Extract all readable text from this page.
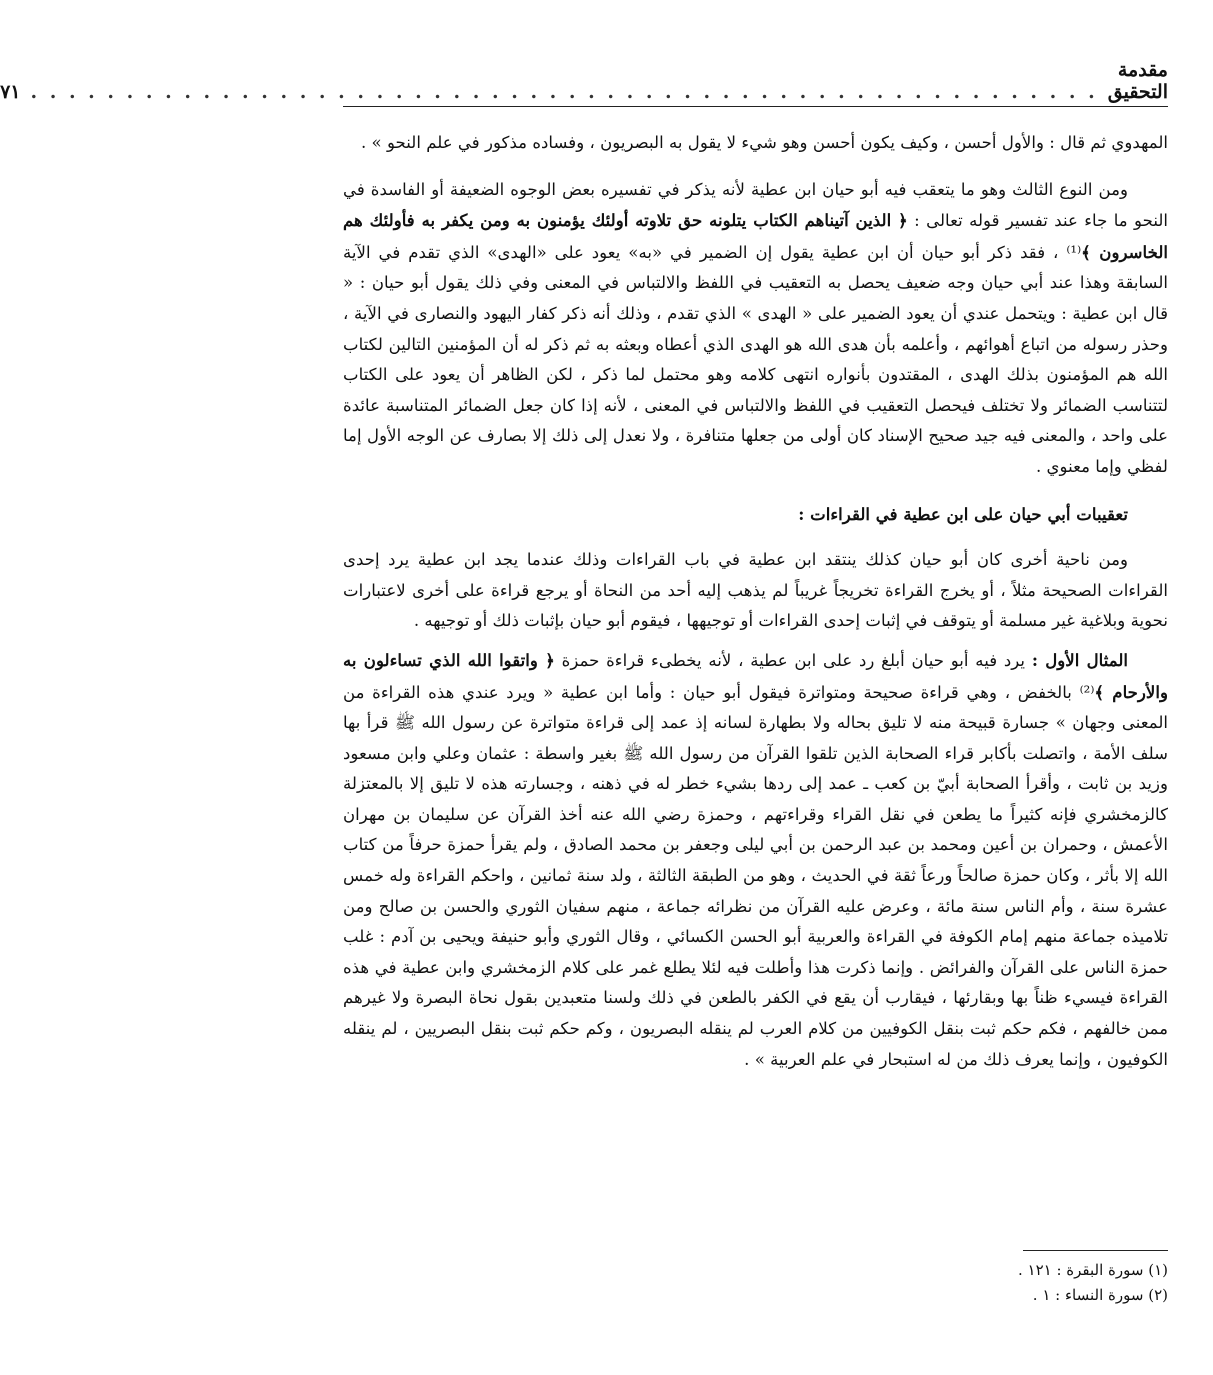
مقدمة التحقيق
. . . . . . . . . . . . . . . . . . . . . . . . . . . . . . . . . . . . . . . . . . . . . . . . . . . . . . . .
٧١

المهدوي ثم قال : والأول أحسن ، وكيف يكون أحسن وهو شيء لا يقول به البصريون ، وفساده مذكور في علم النحو » .

ومن النوع الثالث وهو ما يتعقب فيه أبو حيان ابن عطية لأنه يذكر في تفسيره بعض الوجوه الضعيفة أو الفاسدة في النحو ما جاء عند تفسير قوله تعالى : ﴿ الذين آتيناهم الكتاب يتلونه حق تلاوته أولئك يؤمنون به ومن يكفر به فأولئك هم الخاسرون ﴾⁽¹⁾ ، فقد ذكر أبو حيان أن ابن عطية يقول إن الضمير في «به» يعود على «الهدى» الذي تقدم في الآية السابقة وهذا عند أبي حيان وجه ضعيف يحصل به التعقيب في اللفظ والالتباس في المعنى وفي ذلك يقول أبو حيان : « قال ابن عطية : ويتحمل عندي أن يعود الضمير على « الهدى » الذي تقدم ، وذلك أنه ذكر كفار اليهود والنصارى في الآية ، وحذر رسوله من اتباع أهوائهم ، وأعلمه بأن هدى الله هو الهدى الذي أعطاه وبعثه به ثم ذكر له أن المؤمنين التالين لكتاب الله هم المؤمنون بذلك الهدى ، المقتدون بأنواره انتهى كلامه وهو محتمل لما ذكر ، لكن الظاهر أن يعود على الكتاب لتتناسب الضمائر ولا تختلف فيحصل التعقيب في اللفظ والالتباس في المعنى ، لأنه إذا كان جعل الضمائر المتناسبة عائدة على واحد ، والمعنى فيه جيد صحيح الإسناد كان أولى من جعلها متنافرة ، ولا نعدل إلى ذلك إلا بصارف عن الوجه الأول إما لفظي وإما معنوي .

تعقيبات أبي حيان على ابن عطية في القراءات :

ومن ناحية أخرى كان أبو حيان كذلك ينتقد ابن عطية في باب القراءات وذلك عندما يجد ابن عطية يرد إحدى القراءات الصحيحة مثلاً ، أو يخرج القراءة تخريجاً غريباً لم يذهب إليه أحد من النحاة أو يرجع قراءة على أخرى لاعتبارات نحوية وبلاغية غير مسلمة أو يتوقف في إثبات إحدى القراءات أو توجيهها ، فيقوم أبو حيان بإثبات ذلك أو توجيهه .

المثال الأول : يرد فيه أبو حيان أبلغ رد على ابن عطية ، لأنه يخطىء قراءة حمزة ﴿ واتقوا الله الذي تساءلون به والأرحام ﴾⁽²⁾ بالخفض ، وهي قراءة صحيحة ومتواترة فيقول أبو حيان : وأما ابن عطية « ويرد عندي هذه القراءة من المعنى وجهان » جسارة قبيحة منه لا تليق بحاله ولا بطهارة لسانه إذ عمد إلى قراءة متواترة عن رسول الله ﷺ قرأ بها سلف الأمة ، واتصلت بأكابر قراء الصحابة الذين تلقوا القرآن من رسول الله ﷺ بغير واسطة : عثمان وعلي وابن مسعود وزيد بن ثابت ، وأقرأ الصحابة أبيّ بن كعب ـ عمد إلى ردها بشيء خطر له في ذهنه ، وجسارته هذه لا تليق إلا بالمعتزلة كالزمخشري فإنه كثيراً ما يطعن في نقل القراء وقراءتهم ، وحمزة رضي الله عنه أخذ القرآن عن سليمان بن مهران الأعمش ، وحمران بن أعين ومحمد بن عبد الرحمن بن أبي ليلى وجعفر بن محمد الصادق ، ولم يقرأ حمزة حرفاً من كتاب الله إلا بأثر ، وكان حمزة صالحاً ورعاً ثقة في الحديث ، وهو من الطبقة الثالثة ، ولد سنة ثمانين ، واحكم القراءة وله خمس عشرة سنة ، وأم الناس سنة مائة ، وعرض عليه القرآن من نظرائه جماعة ، منهم سفيان الثوري والحسن بن صالح ومن تلاميذه جماعة منهم إمام الكوفة في القراءة والعربية أبو الحسن الكسائي ، وقال الثوري وأبو حنيفة ويحيى بن آدم : غلب حمزة الناس على القرآن والفرائض . وإنما ذكرت هذا وأطلت فيه لئلا يطلع غمر على كلام الزمخشري وابن عطية في هذه القراءة فيسيء ظناً بها وبقارئها ، فيقارب أن يقع في الكفر بالطعن في ذلك ولسنا متعبدين بقول نحاة البصرة ولا غيرهم ممن خالفهم ، فكم حكم ثبت بنقل الكوفيين من كلام العرب لم ينقله البصريون ، وكم حكم ثبت بنقل البصريين ، لم ينقله الكوفيون ، وإنما يعرف ذلك من له استبحار في علم العربية » .

(١) سورة البقرة : ١٢١ .
(٢) سورة النساء : ١ .
